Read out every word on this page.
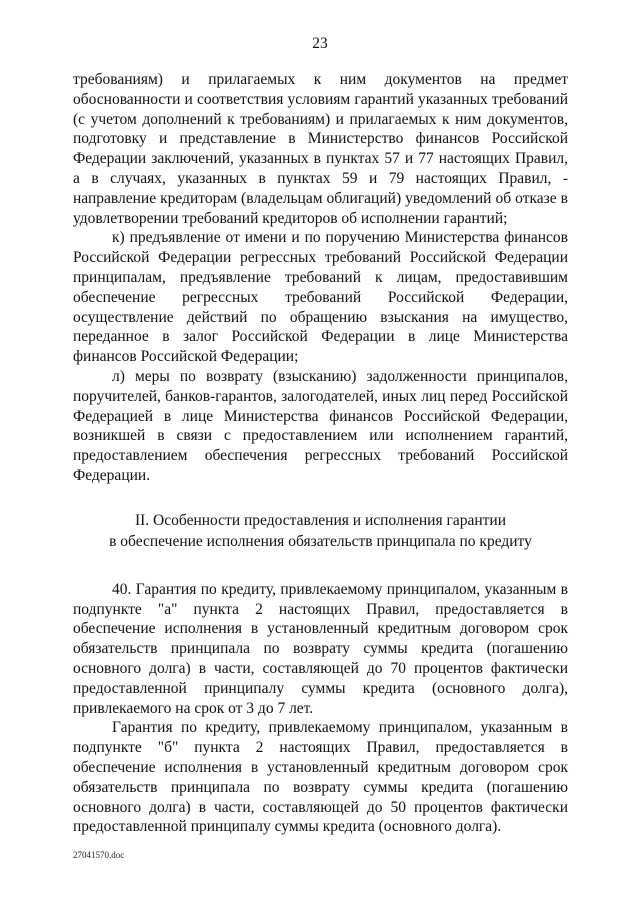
23

требованиям) и прилагаемых к ним документов на предмет обоснованности и соответствия условиям гарантий указанных требований (с учетом дополнений к требованиям) и прилагаемых к ним документов, подготовку и представление в Министерство финансов Российской Федерации заключений, указанных в пунктах 57 и 77 настоящих Правил, а в случаях, указанных в пунктах 59 и 79 настоящих Правил, - направление кредиторам (владельцам облигаций) уведомлений об отказе в удовлетворении требований кредиторов об исполнении гарантий;

к) предъявление от имени и по поручению Министерства финансов Российской Федерации регрессных требований Российской Федерации принципалам, предъявление требований к лицам, предоставившим обеспечение регрессных требований Российской Федерации, осуществление действий по обращению взыскания на имущество, переданное в залог Российской Федерации в лице Министерства финансов Российской Федерации;

л) меры по возврату (взысканию) задолженности принципалов, поручителей, банков-гарантов, залогодателей, иных лиц перед Российской Федерацией в лице Министерства финансов Российской Федерации, возникшей в связи с предоставлением или исполнением гарантий, предоставлением обеспечения регрессных требований Российской Федерации.

II. Особенности предоставления и исполнения гарантии
в обеспечение исполнения обязательств принципала по кредиту

40. Гарантия по кредиту, привлекаемому принципалом, указанным в подпункте "а" пункта 2 настоящих Правил, предоставляется в обеспечение исполнения в установленный кредитным договором срок обязательств принципала по возврату суммы кредита (погашению основного долга) в части, составляющей до 70 процентов фактически предоставленной принципалу суммы кредита (основного долга), привлекаемого на срок от 3 до 7 лет.

Гарантия по кредиту, привлекаемому принципалом, указанным в подпункте "б" пункта 2 настоящих Правил, предоставляется в обеспечение исполнения в установленный кредитным договором срок обязательств принципала по возврату суммы кредита (погашению основного долга) в части, составляющей до 50 процентов фактически предоставленной принципалу суммы кредита (основного долга).

27041570.doc
